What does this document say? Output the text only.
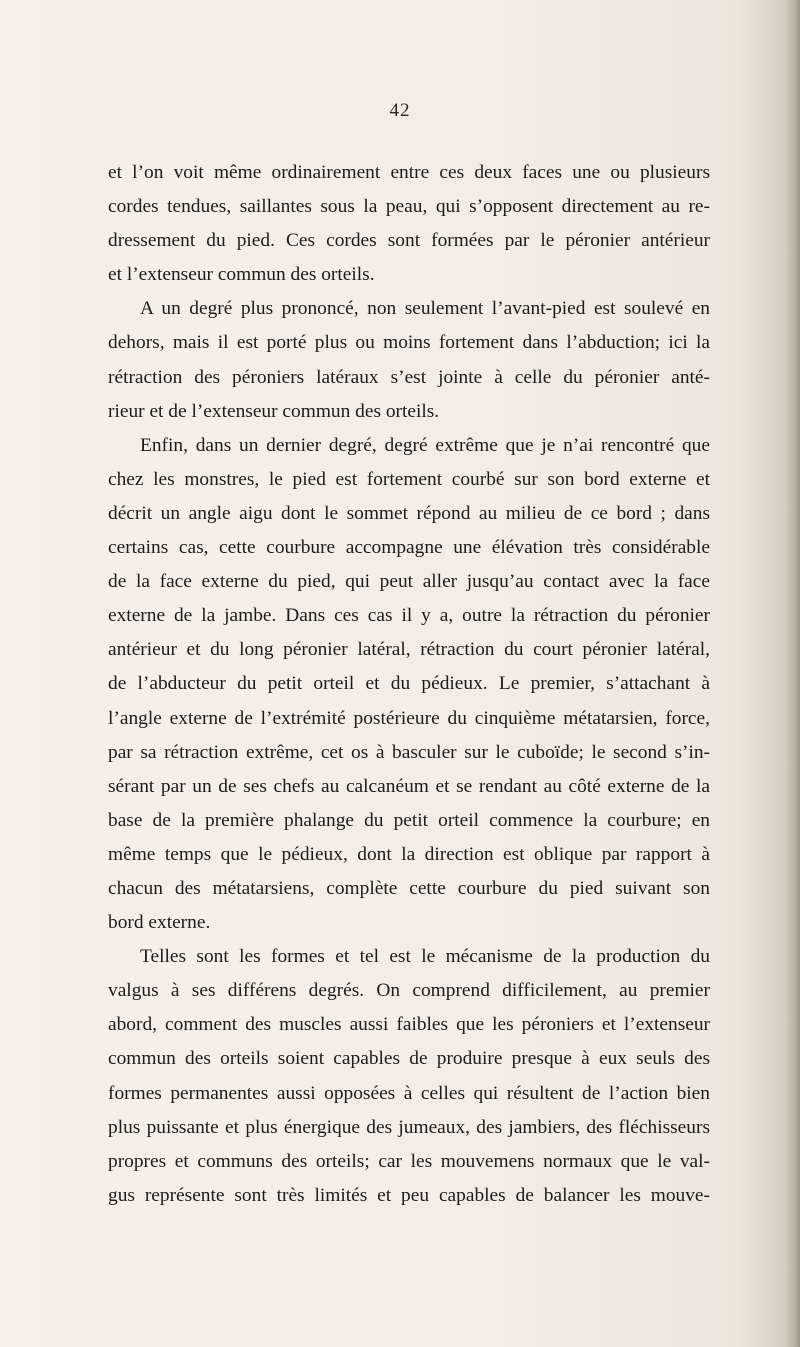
42

et l’on voit même ordinairement entre ces deux faces une ou plusieurs
cordes tendues, saillantes sous la peau, qui s’opposent directement au re-
dressement du pied. Ces cordes sont formées par le péronier antérieur
et l’extenseur commun des orteils.

A un degré plus prononcé, non seulement l’avant-pied est soulevé en
dehors, mais il est porté plus ou moins fortement dans l’abduction; ici la
rétraction des péroniers latéraux s’est jointe à celle du péronier anté-
rieur et de l’extenseur commun des orteils.

Enfin, dans un dernier degré, degré extrême que je n’ai rencontré que
chez les monstres, le pied est fortement courbé sur son bord externe et
décrit un angle aigu dont le sommet répond au milieu de ce bord ; dans
certains cas, cette courbure accompagne une élévation très considérable
de la face externe du pied, qui peut aller jusqu’au contact avec la face
externe de la jambe. Dans ces cas il y a, outre la rétraction du péronier
antérieur et du long péronier latéral, rétraction du court péronier latéral,
de l’abducteur du petit orteil et du pédieux. Le premier, s’attachant à
l’angle externe de l’extrémité postérieure du cinquième métatarsien, force,
par sa rétraction extrême, cet os à basculer sur le cuboïde; le second s’in-
sérant par un de ses chefs au calcanéum et se rendant au côté externe de la
base de la première phalange du petit orteil commence la courbure; en
même temps que le pédieux, dont la direction est oblique par rapport à
chacun des métatarsiens, complète cette courbure du pied suivant son
bord externe.

Telles sont les formes et tel est le mécanisme de la production du
valgus à ses différens degrés. On comprend difficilement, au premier
abord, comment des muscles aussi faibles que les péroniers et l’extenseur
commun des orteils soient capables de produire presque à eux seuls des
formes permanentes aussi opposées à celles qui résultent de l’action bien
plus puissante et plus énergique des jumeaux, des jambiers, des fléchisseurs
propres et communs des orteils; car les mouvemens normaux que le val-
gus représente sont très limités et peu capables de balancer les mouve-
